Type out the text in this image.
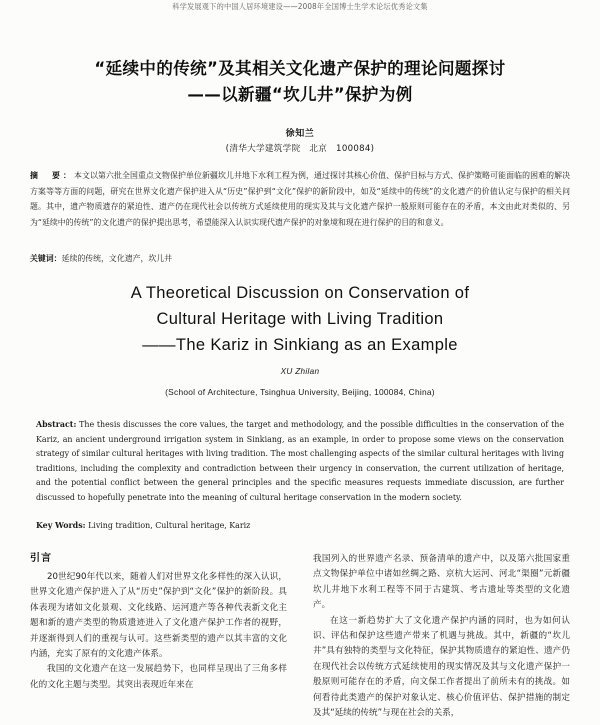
科学发展观下的中国人居环境建设——2008年全国博士生学术论坛优秀论文集
“延续中的传统”及其相关文化遗产保护的理论问题探讨
——以新疆“坎儿井”保护为例
徐知兰
(清华大学建筑学院　北京　100084)
摘　要：本文以第六批全国重点文物保护单位新疆坎儿井地下水利工程为例，通过探讨其核心价值、保护目标与方式、保护策略可能面临的困难的解决方案等等方面的问题，研究在世界文化遗产保护进入从“历史”保护到“文化”保护的新阶段中，如及“延续中的传统”的文化遗产的价值认定与保护的相关问题。其中，遗产物质遗存的紧迫性、遗产仍在现代社会以传统方式延续使用的现实及其与文化遗产保护一般原则可能存在的矛盾，本文由此对类似的、另为“延续中的传统”的文化遗产的保护提出思考，希望能深入认识实现代遗产保护的对象境和现在进行保护的目的和意义。
关键词：延续的传统，文化遗产，坎儿井
A Theoretical Discussion on Conservation of
Cultural Heritage with Living Tradition
——The Kariz in Sinkiang as an Example
XU Zhilan
(School of Architecture, Tsinghua University, Beijing, 100084, China)
Abstract: The thesis discusses the core values, the target and methodology, and the possible difficulties in the conservation of the Kariz, an ancient underground irrigation system in Sinkiang, as an example, in order to propose some views on the conservation strategy of similar cultural heritages with living tradition. The most challenging aspects of the similar cultural heritages with living traditions, including the complexity and contradiction between their urgency in conservation, the current utilization of heritage, and the potential conflict between the general principles and the specific measures requests immediate discussion, are further discussed to hopefully penetrate into the meaning of cultural heritage conservation in the modern society.
Key Words: Living tradition, Cultural heritage, Kariz
引言

20世纪90年代以来，随着人们对世界文化多样性的深入认识，世界文化遗产保护进入了从“历史”保护到“文化”保护的新阶段。具体表现为诸如文化景观、文化线路、运河遗产等各种代表新文化主题和新的遗产类型的物质遗迹进入了文化遗产保护工作者的视野，并逐渐得到人们的重视与认可。这些新类型的遗产以其丰富的文化内涵，充实了原有的文化遗产体系。

我国的文化遗产在这一发展趋势下，也同样呈现出了三角多样化的文化主题与类型。其突出表现近年来在

我国列入的世界遗产名录、预备清单的遗产中，以及第六批国家重点文物保护单位中诸如丝绸之路、京杭大运河、河北“渠圈”元新疆坎儿井地下水利工程等不同于古建筑、考古遗址等类型的文化遗产。

在这一新趋势扩大了文化遗产保护内涵的同时，也为如何认识、评估和保护这些遗产带来了机遇与挑战。其中，新疆的“坎儿井”具有独特的类型与文化特征，保护其物质遗存的紧迫性、遗产仍在现代社会以传统方式延续使用的现实情况及其与文化遗产保护一般原则可能存在的矛盾，向文保工作者提出了前所未有的挑战。如何看待此类遗产的保护对象认定、核心价值评估、保护措施的制定及其“延续的传统”与现在社会的关系，
